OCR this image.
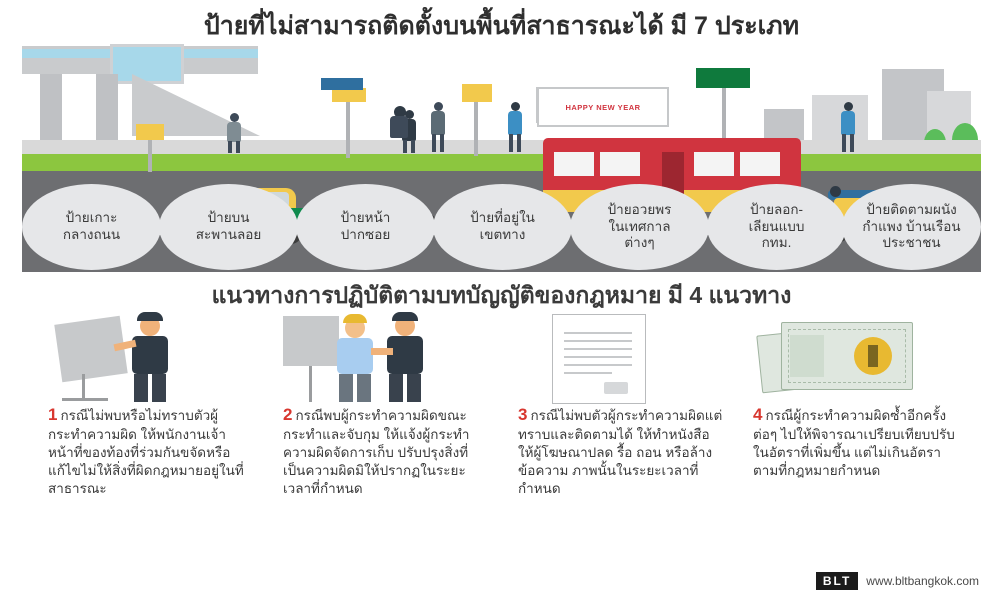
ป้ายที่ไม่สามารถติดตั้งบนพื้นที่สาธารณะได้ มี 7 ประเภท
HAPPY NEW YEAR
ป้ายเกาะ
กลางถนน
ป้ายบน
สะพานลอย
ป้ายหน้า
ปากซอย
ป้ายที่อยู่ใน
เขตทาง
ป้ายอวยพร
ในเทศกาล
ต่างๆ
ป้ายลอก-
เลียนแบบ
กทม.
ป้ายติดตามผนัง
กำแพง บ้านเรือน
ประชาชน
แนวทางการปฏิบัติตามบทบัญญัติของกฎหมาย มี 4 แนวทาง
1 กรณีไม่พบหรือไม่ทราบตัวผู้กระทำความผิด ให้พนักงานเจ้าหน้าที่ของท้องที่ร่วมกันขจัดหรือแก้ไขไม่ให้สิ่งที่ผิดกฎหมายอยู่ในที่สาธารณะ
2 กรณีพบผู้กระทำความผิดขณะกระทำและจับกุม ให้แจ้งผู้กระทำความผิดจัดการเก็บ ปรับปรุงสิ่งที่เป็นความผิดมิให้ปรากฏในระยะเวลาที่กำหนด
3 กรณีไม่พบตัวผู้กระทำความผิดแต่ทราบและติดตามได้ ให้ทำหนังสือให้ผู้โฆษณาปลด รื้อ ถอน หรือล้างข้อความ ภาพนั้นในระยะเวลาที่กำหนด
4 กรณีผู้กระทำความผิดซ้ำอีกครั้ง ต่อๆ ไปให้พิจารณาเปรียบเทียบปรับในอัตราที่เพิ่มขึ้น แต่ไม่เกินอัตราตามที่กฎหมายกำหนด
BLT	www.bltbangkok.com
